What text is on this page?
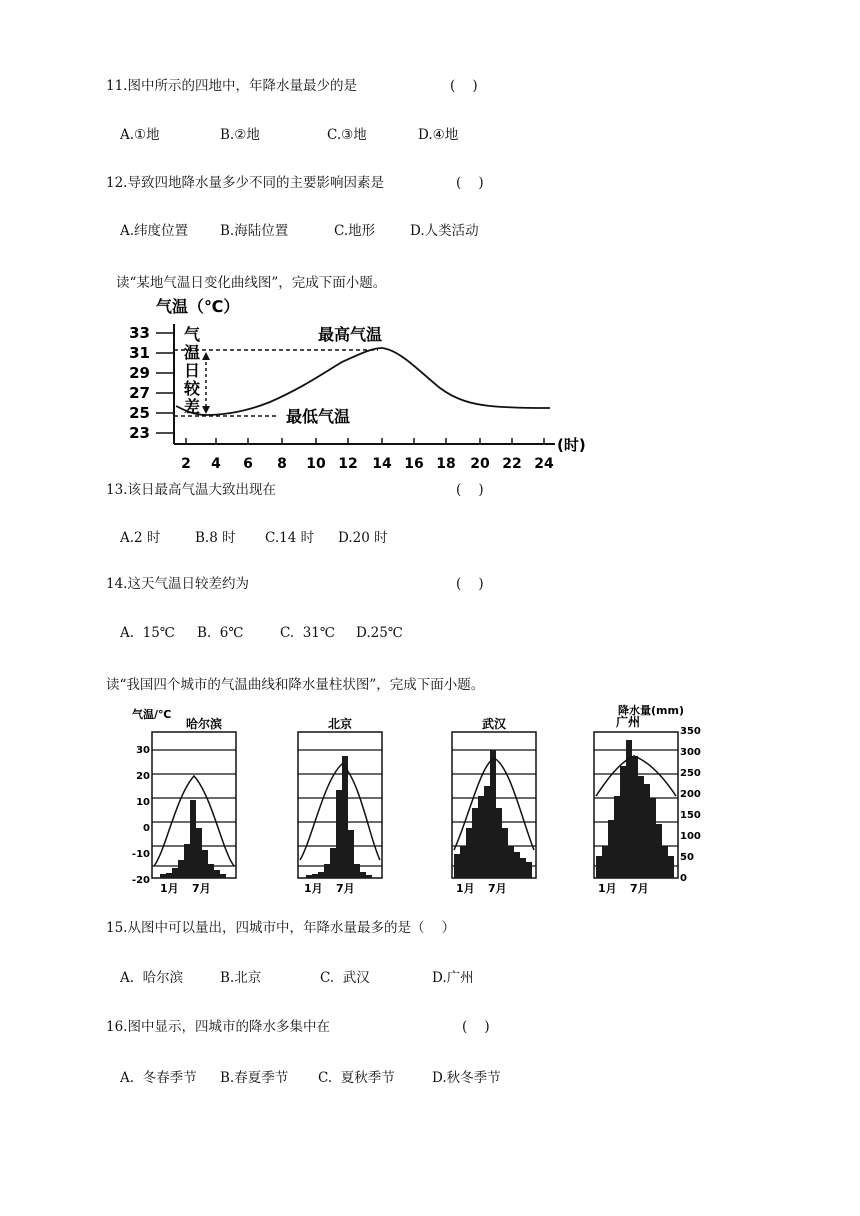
11.图中所示的四地中，年降水量最少的是	(    )

A.①地

	B.②地

	C.③地

	D.④地

12.导致四地降水量多少不同的主要影响因素是	(    )

A.纬度位置

B.海陆位置

	C.地形

	D.人类活动

读“某地气温日变化曲线图”，完成下面小题。
气温（℃）
33
31
29
27
25
23
2 4 6 8 10 12 14 16 18 20 22 24
(时)
气
温
日
较
差
最高气温
最低气温
13.该日最高气温大致出现在	(    )

A.2 时

	B.8 时

C.14 时

D.20 时

14.这天气温日较差约为	(    )

A.  15℃

B.  6℃

	C.  31℃

D.25℃

读“我国四个城市的气温曲线和降水量柱状图”，完成下面小题。
气温/℃	降水量(mm)
30
20
10
0
-10
-20
350
300
250
200
150
100
50
0
哈尔滨
1月 7月
北京
1月 7月
武汉
1月 7月
广州
1月 7月
15.从图中可以量出，四城市中，年降水量最多的是（    ）

A.  哈尔滨

	B.北京

	C.  武汉

	D.广州

16.图中显示，四城市的降水多集中在	(    )

A.  冬春季节

B.春夏季节

C.  夏秋季节

	D.秋冬季节
